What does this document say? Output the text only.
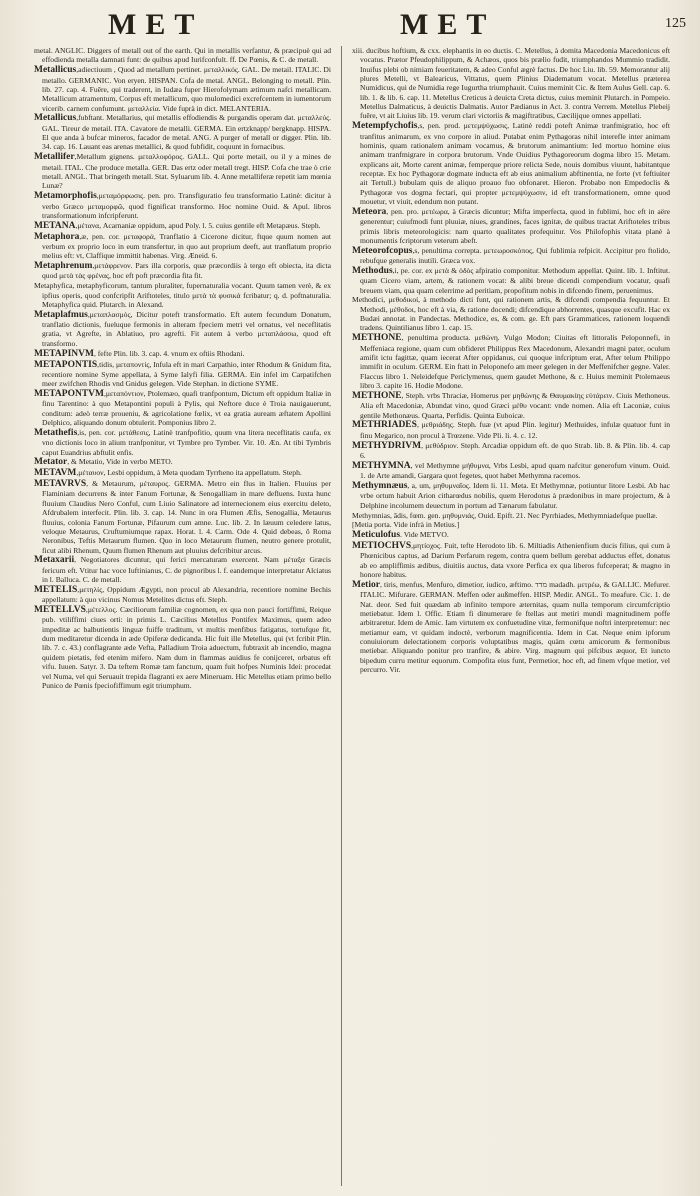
MET	MET	125

metal. ANGLIC. Diggers of metall out of the earth. Qui in metallis verfantur, & præcipuè qui ad effodienda metalla damnati funt: de quibus apud Iurifconfult. ff. De Pœnis, & C. de metall.

Metallicus,adiectiuum , Quod ad metallum pertinet. μεταλλικός. GAL. De metail. ITALIC. Di metallo. GERMANIC. Von eryen. HISPAN. Cofa de metal. ANGL. Belonging to metall. Plin. lib. 27. cap. 4. Fuêre, qui traderent, in Iudæa fuper Hierofolymam ætimum nafci metallicam. Metallicum atramentum, Corpus eft metallicum, quo mulomedici excrefcentem in iumentorum vicerib. carnem confumunt. μεταλλεία. Vide fuprà in dict. MELANTERIA.

Metallicus,fubftant. Metallarius, qui metallis effodiendis & purgandis operam dat. μεταλλεύς. GAL. Tireur de metail. ITA. Cavatore de metalli. GERMA. Ein ertzknapp/ bergknapp. HISPA. El que anda à bufcar mineros, facador de metal. ANG. A purger of metall or digger. Plin. lib. 34. cap. 16. Lauant eas arenas metallici, & quod fubfidit, coquunt in fornacibus.

Metallifer,Metallum gignens. μεταλλοφόρος. GALL. Qui porte metail, ou il y a mines de metail. ITAL. Che produce metalla. GER. Das ertz oder metall tregt. HISP. Cofa che trae ò crie metall. ANGL. That bringeth metall. Stat. Syluarum lib. 4. Anne metalliferæ repetit iam mœnia Lunæ?

Metamorphofis,μεταμόρφωσις. pen. pro. Transfiguratio feu transformatio Latinè: dicitur à verbo Græco μεταμορφῶ, quod fignificat transformo. Hoc nomine Ouid. & Apul. libros transformationum infcripferunt.

METANA,μέτανα, Acarnaniæ oppidum, apud Poly. l. 5. cuius gentile eft Metapæus. Steph.

Metaphora,æ, pen. cor. μεταφορά, Tranflatio à Cicerone dicitur, ftque quum nomen aut verbum ex proprio loco in eum transfertur, in quo aut proprium deeft, aut tranflatum proprio melius eft: vt, Claffique immittit habenas. Virg. Æneid. 6.

Metaphrenum,μετάφρενον. Pars illa corporis, quæ præcordiis à tergo eft obiecta, ita dicta quod μετὰ τὰς φρένας, hoc eft poft præcordia fita fit.

Metaphyfica, metaphyficorum, tantum pluraliter, fupernaturalia vocant. Quum tamen verè, & ex ipfius operis, quod confcripfit Ariftoteles, titulo μετὰ τὰ φυσικά fcribatur; q. d. poftnaturalia. Metaphyfica quid. Plutarch. in Alexand.

Metaplafmus,μεταπλασμός, Dicitur poteft transformatio. Eft autem fecundum Donatum, tranflatio dictionis, fueluque fermonis in alteram fpeciem metri vel ornatus, vel neceflitatis gratia, vt Agrefte, in Ablatiuo, pro agrefti. Fit autem à verbo μεταπλάσσω, quod eft transformo.

METAPINVM, fefte Plin. lib. 3. cap. 4. vnum ex oftiis Rhodani.

METAPONTIS,tidis, μεταποντίς, Infula eft in mari Carpathio, inter Rhodum & Gnidum fita, recentiore nomine Syme appellata, à Syme Ialyfi filia. GERMA. Ein infel im Carpatifchen meer zwifchen Rhodis vnd Gnidus gelegen. Vide Stephan. in dictione SYME.

METAPONTVM,μεταπόντιον, Ptolemæo, quafi tranfpontum, Dictum eft oppidum Italiæ in finu Tarentino: à quo Metapontini populi à Pylis, qui Neftore duce è Troia nauigauerunt, conditum: adeò terræ proueniu, & agricolatione fœlix, vt ea gratia auream æftatem Apollini Delphico, aliquando donum obtulerit. Pomponius libro 2.

Metathefis,is, pen. cor. μετάθεσις, Latinè tranfpofitio, quum vna litera neceflitatis caufa, ex vno dictionis loco in alium tranfponitur, vt Tymbre pro Tymber. Vir. 10. Æn. At tibi Tymbris caput Euandrius abftulit enfis.

Metator, & Metatio, Vide in verbo METO.

METAVM,μέταυον, Lesbi oppidum, à Meta quodam Tyrrheno ita appellatum. Steph.

METAVRVS, & Metaurum, μέταυρος. GERMA. Metro ein flus in Italien. Fluuius per Flaminiam decurrens & inter Fanum Fortunæ, & Senogalliam in mare defluens. Iuxta hunc fluuium Claudius Nero Conful, cum Liuio Salinatore ad internecionem eius exercitu deleto, Afdrubalem interfecit. Plin. lib. 3. cap. 14. Nunc in ora Flumen Æfis, Senogallia, Metaurus fluuius, colonia Fanum Fortunæ, Pifaurum cum amne. Luc. lib. 2. In læuum celedere latus, veloque Metaurus, Cruftumiumque rapax. Horat. l. 4. Carm. Ode 4. Quid debeas, ô Roma Neronibus, Teftis Metaurum flumen. Quo in loco Metaurum flumen, neutro genere protulit, ficut alibi Rhenum, Quum flumen Rhenum aut pluuius defcribitur arcus.

Metaxarii, Negotiatores dicuntur, qui ferici mercaturam exercent. Nam μέταξα Græcis fericum eft. Vtitur hac voce Iuftinianus, C. de pignoribus l. f. eandemque interpretatur Alciatus in l. Balluca. C. de metall.

METELIS,μετηλίς, Oppidum Ægypti, non procul ab Alexandria, recentiore nomine Bechis appellatum: à quo vicinus Nomus Metelites dictus eft. Steph.

METELLVS,μέτελλος. Cæciliorum familiæ cognomen, ex qua non pauci fortiffimi, Reique pub. vtiliffimi ciues orti: in primis L. Cæcilius Metellus Pontifex Maximus, quem adeo impeditæ ac balbutientis linguæ fuiffe traditum, vt multis menfibus fatigatus, tortufque fit, dum meditaretur dicenda in æde Opiferæ dedicanda. Hic fuit ille Metellus, qui (vt fcribit Plin. lib. 7. c. 43.) conflagrante æde Vefta, Palladium Troia aduectum, fubtraxit ab incendio, magna quidem pietatis, fed etenim mifero. Nam dum in flammas auidius fe conijceret, orbatus eft vifu. Iuuen. Satyr. 3. Da teftem Romæ tam fanctum, quam fuit hofpes Numinis Idei: procedat vel Numa, vel qui Seruauit trepida flagranti ex aere Mineruam. Hic Metellus etiam primo bello Punico de Pœnis fpeciofiffimum egit triumphum.

xiii. ducibus hoftium, & cxx. elephantis in eo ductis. C. Metellus, à domita Macedonia Macedonicus eft vocatus. Prætor Pfeudophilippum, & Achæos, quos bis prælio fudit, triumphandos Mummio tradidit. Inuifus plebi ob nimiam feueritatem, & adeo Conful ægrè factus. De hoc Liu. lib. 59. Memorantur alij plures Metelli, vt Balearicus, Vittatus, quem Plinius Diadematum vocat. Metellus præterea Numidicus, qui de Numidia rege Iugurtha triumphauit. Cuius meminit Cic. & Item Aulus Gell. cap. 6. lib. 1. & lib. 6. cap. 11. Metellus Creticus à deuicta Creta dictus, cuius meminit Plutarch. in Pompeio. Metellus Dalmaticus, à deuictis Dalmatis. Autor Pædianus in Act. 3. contra Verrem. Metellus Plebeij fuêre, vt ait Liuius lib. 19. verum clari victoriis & magiftratibus, Cæcilijque omnes appellati.

Metempfychofis,s, pen. prod. μετεμψύχωσις, Latinè reddi poteft Animæ tranfmigratio, hoc eft tranfitus animarum, ex vno corpore in aliud. Putabat enim Pythagoras nihil interefle inter animam hominis, quam rationalem animam vocamus, & brutorum animantium: Ied mortuo homine eius animam tranfmigrare in corpora brutorum. Vnde Ouidius Pythagoreorum dogma libro 15. Metam. explicans ait, Morte carent animæ, femperque priore relicta Sede, nouis domibus viuunt, habitantque receptæ. Ex hoc Pythagoræ dogmate inducta eft ab eius animalium abftinentia, ne forte (vt feftiuiter ait Tertull.) bubulam quis de aliquo proauo fuo obfonaret. Hieron. Probabo non Empedoclis & Pythagoræ vos dogma fectari, qui propter μετεμψύχωσιν, id eft transformationem, omne quod mouetur, vt viuit, edendum non putant.

Meteora, pen. pro. μετέωρα, à Græcis dicuntur; Mifta imperfecta, quod in fublimi, hoc eft in aëre generentur; cuiufmodi funt pluuiæ, niues, grandines, faces ignitæ, de quibus tractat Ariftoteles tribus primis libris meteorologicis: nam quarto qualitates profequitur. Vos Philofophis vitata planè à monumentis fcriptorum veterum abeft.

Meteorofcopus,s, penultima correpta. μετεωροσκόπος, Qui fublimia refpicit. Accipitur pro ftolido, rebufque generalis inutili. Græca vox.

Methodus,i, pe. cor. ex μετὰ & ὁδὸς afpiratio componitur. Methodum appellat. Quint. lib. 1. Inftitut. quam Cicero viam, artem, & rationem vocat: & alibi breue dicendi compendium vocatur, quafi breuem viam, qua quam celerrime ad peritiam, propofitum nobis in difcendo finem, peruenimus.

Methodici, μεθοδικοί, à methodo dicti funt, qui rationem artis, & difcendi compendia fequuntur. Et Methodi, μέθοδοι, hoc eft à via, & ratione docendi; difcendique abhorrentes, quasque excufit. Hac ex Budæi annotat. in Pandectas. Methodice, es, & com. ge. Eft pars Grammatices, rationem loquendi tradens. Quintilianus libro 1. cap. 15.

METHONE, penultima producta. μεθώνη. Vulgo Modon; Ciuitas eft littoralis Peloponnefi, in Meffeniaca regione, quam cum obfideret Philippus Rex Macedonum, Alexandri magni pater, oculum amifit ictu fagittæ, quam iecerat After oppidanus, cui quoque infcriptum erat, After telum Philippo immifit in oculum. GERM. Ein ftatt in Peloponefo am meer gelegen in der Meffenifcher gegne. Valer. Flaccus libro 1. Neleidefque Periclymenus, quem gaudet Methone, & c. Huius meminit Ptolemaeus libro 3. capite 16. Hodie Modone.

METHONE, Steph. vrbs Thraciæ, Homerus per μηθώνης & Θαυμακίης εὐτάρειν. Ciuis Methoneus. Alia eft Macedoniæ, Abundat vino, quod Græci μέθυ vocant: vnde nomen. Alia eft Laconiæ, cuius gentile Methonæus. Quarta, Perfidis. Quinta Euboicæ.

METHRIADES, μεθριάδης. Steph. fuæ (vt apud Plin. legitur) Methuides, infulæ quatuor funt in finu Megarico, non procul à Trœzene. Vide Pli. li. 4. c. 12.

METHYDRIVM, μεθύδριον. Steph. Arcadiæ oppidum eft. de quo Strab. lib. 8. & Plin. lib. 4. cap 6.

METHYMNA, vel Methymne μήθυμνα, Vrbs Lesbi, apud quam nafcitur generofum vinum. Ouid. 1. de Arte amandi, Gargara quot fegetes, quot habet Methymna racemos.

Methymnæus, a, um, μηθυμναῖος. Idem li. 11. Meta. Et Methymnæ, potiuntur litore Lesbi. Ab hac vrbe ortum habuit Arion citharœdus nobilis, quem Herodotus à prædonibus in mare projectum, & à Delphine incolumem deuectum in portum ad Tænarum fabulatur.

Methymnias, ādis, fœm. gen. μηθυμνιάς, Ouid. Epift. 21. Nec Pyrrhiades, Methymniadefque puellæ.

[Metia porta. Vide infrà in Metius.]

Meticulofus. Vide METVO.

METIOCHVS,μητίοχος. Fuit, tefte Herodoto lib. 6. Miltiadis Athenienfium ducis filius, qui cum à Phœnicibus captus, ad Darium Perfarum regem, contra quem bellum gerebat adductus effet, donatus ab eo ampliffimis ædibus, diuitiis auctus, data vxore Perfica ex qua liberos fufceperat; & magno in honore habitus.

Metior, tiris, menfus, Menfuro, dimetior, iudico, æftimo. מדד madadh. μετρέω, & GALLIC. Mefurer. ITALIC. Mifurare. GERMAN. Meffen oder außmeffen. HISP. Medir. ANGL. To meafure. Cic. 1. de Nat. deor. Sed fuit quædam ab infinito tempore æternitas, quam nulla temporum circumfcriptio metiebatur. Idem l. Offic. Etiam fi dinumerare fe ftellas aut metiri mundi magnitudinem poffe arbitraretur. Idem de Amic. Iam virtutem ex confuetudine vitæ, fermonifque noftri interpretemur: nec metiamur eam, vt quidam indoctè, verborum magnificentia. Idem in Cat. Neque enim ipforum conuiuiorum delectationem corporis voluptatibus magis, quàm cœtu amicorum & fermonibus metiebar. Aliquando ponitur pro tranfire, & abire. Virg. magnum qui pifcibus æquor, Et iuncto bipedum curru metitur equorum. Compofita eius funt, Permetior, hoc eft, ad finem vfque metior, vel percurro. Vir.
